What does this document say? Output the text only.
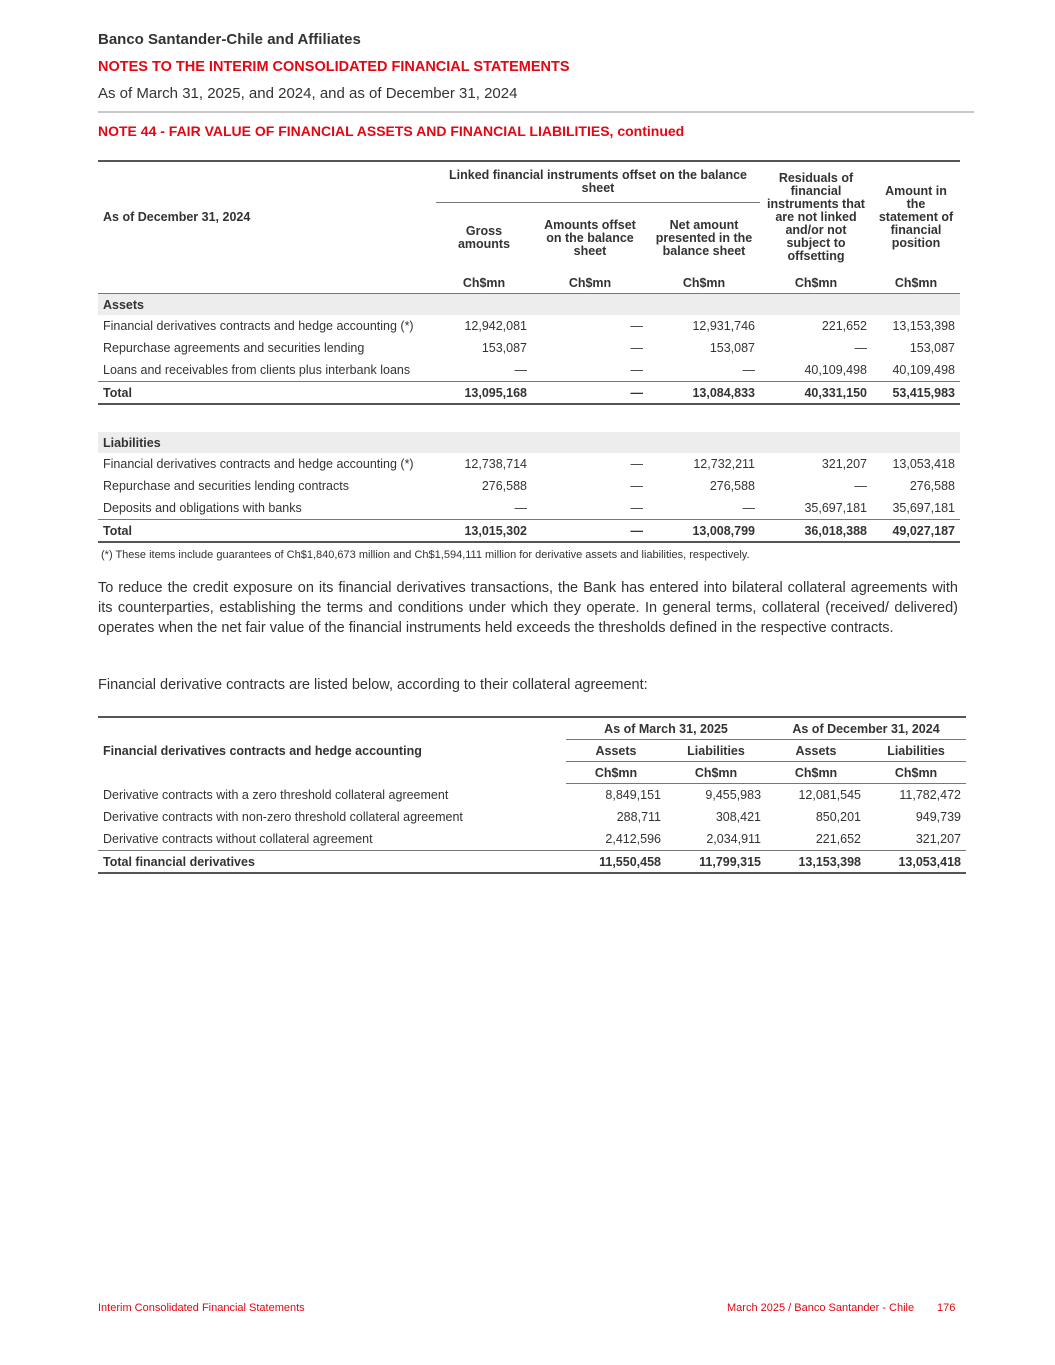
Banco Santander-Chile and Affiliates
NOTES TO THE INTERIM CONSOLIDATED FINANCIAL STATEMENTS
As of March 31, 2025, and 2024, and as of December 31, 2024
NOTE 44 - FAIR VALUE OF FINANCIAL ASSETS AND FINANCIAL LIABILITIES, continued
As of December 31, 2024	Linked financial instruments offset on the balance sheet			Residuals of financial instruments that are not linked and/or not subject to offsetting	Amount in the statement of financial position
	Gross amounts	Amounts offset on the balance sheet	Net amount presented in the balance sheet		
	Ch$mn	Ch$mn	Ch$mn	Ch$mn	Ch$mn
Assets					
Financial derivatives contracts and hedge accounting (*)	12,942,081	—	12,931,746	221,652	13,153,398
Repurchase agreements and securities lending	153,087	—	153,087	—	153,087
Loans and receivables from clients plus interbank loans	—	—	—	40,109,498	40,109,498
Total	13,095,168	—	13,084,833	40,331,150	53,415,983

Liabilities					
Financial derivatives contracts and hedge accounting (*)	12,738,714	—	12,732,211	321,207	13,053,418
Repurchase and securities lending contracts	276,588	—	276,588	—	276,588
Deposits and obligations with banks	—	—	—	35,697,181	35,697,181
Total	13,015,302	—	13,008,799	36,018,388	49,027,187
(*) These items include guarantees of Ch$1,840,673 million and Ch$1,594,111 million for derivative assets and liabilities, respectively.
To reduce the credit exposure on its financial derivatives transactions, the Bank has entered into bilateral collateral agreements with its counterparties, establishing the terms and conditions under which they operate. In general terms, collateral (received/ delivered) operates when the net fair value of the financial instruments held exceeds the thresholds defined in the respective contracts.
Financial derivative contracts are listed below, according to their collateral agreement:
Financial derivatives contracts and hedge accounting	As of March 31, 2025		As of December 31, 2024	
	Assets	Liabilities	Assets	Liabilities
	Ch$mn	Ch$mn	Ch$mn	Ch$mn
Derivative contracts with a zero threshold collateral agreement	8,849,151	9,455,983	12,081,545	11,782,472
Derivative contracts with non-zero threshold collateral agreement	288,711	308,421	850,201	949,739
Derivative contracts without collateral agreement	2,412,596	2,034,911	221,652	321,207
Total financial derivatives	11,550,458	11,799,315	13,153,398	13,053,418
Interim Consolidated Financial Statements	March 2025 / Banco Santander - Chile 176
